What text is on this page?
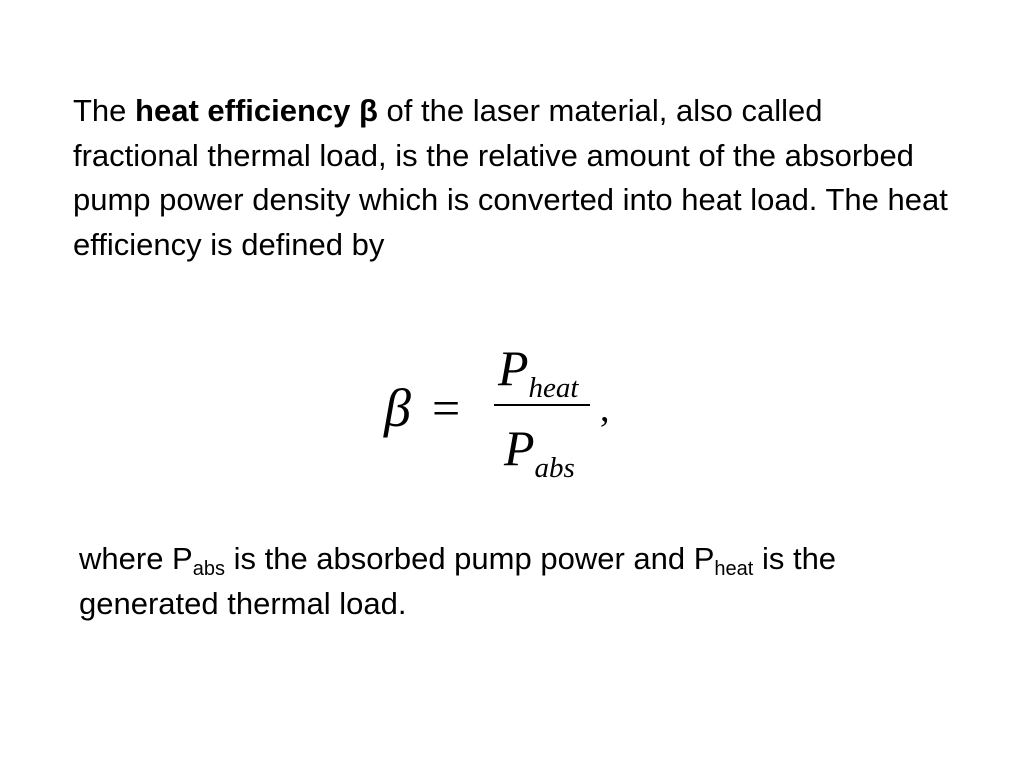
The heat efficiency β of the laser material, also called fractional thermal load, is the relative amount of the absorbed pump power density which is converted into heat load. The heat efficiency is defined by

β =
$P_{heat}$
$P_{abs}$
,

where $P_{abs}$ is the absorbed pump power and $P_{heat}$ is the generated thermal load.
